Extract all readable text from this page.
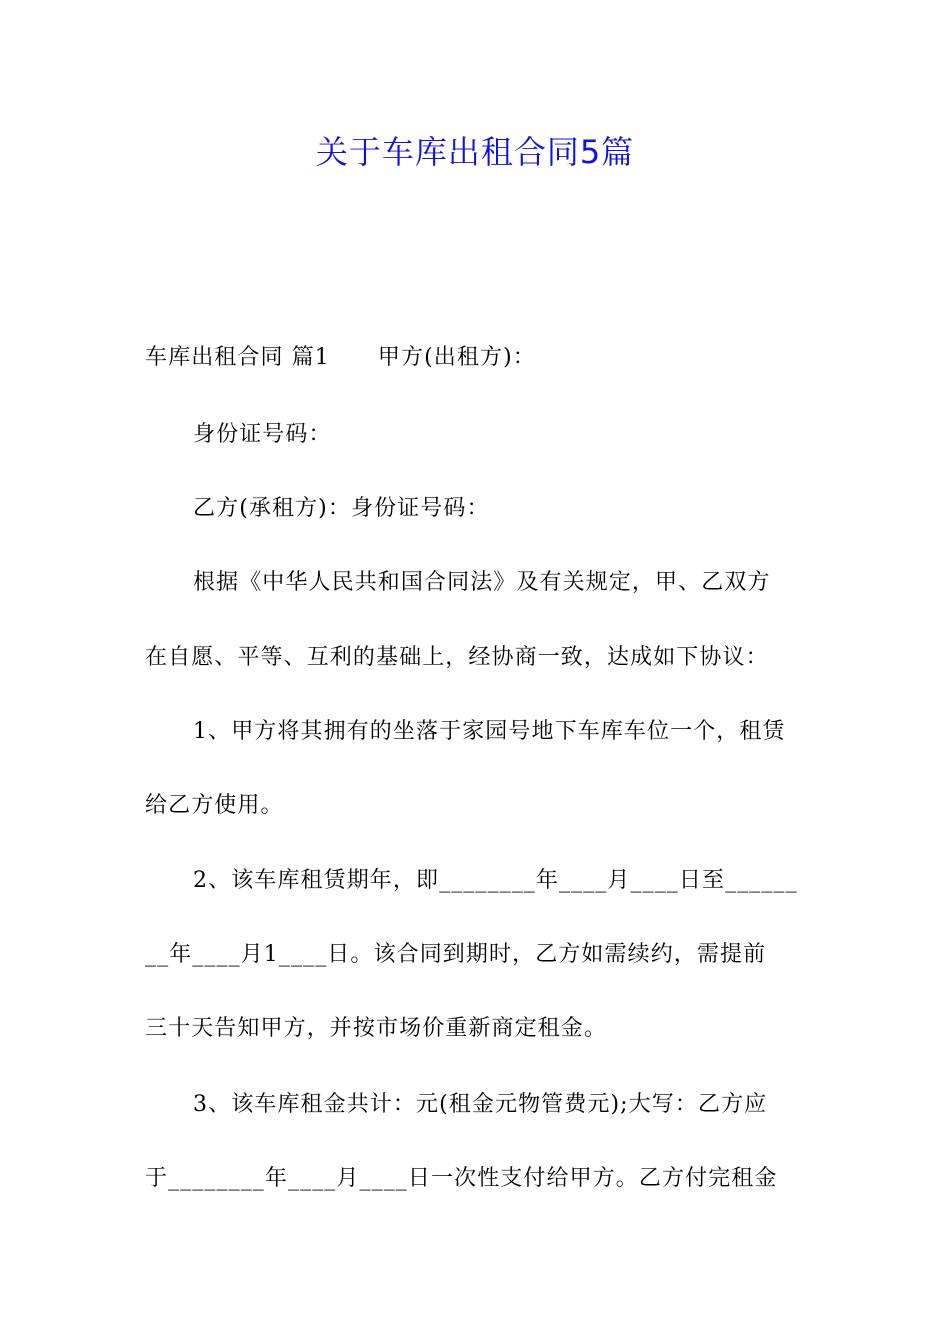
关于车库出租合同5篇
车库出租合同 篇1 甲方(出租方)：
身份证号码：
乙方(承租方)：身份证号码：
根据《中华人民共和国合同法》及有关规定，甲、乙双方
在自愿、平等、互利的基础上，经协商一致，达成如下协议：
1、甲方将其拥有的坐落于家园号地下车库车位一个，租赁
给乙方使用。
2、该车库租赁期年，即________年____月____日至______
__年____月1____日。该合同到期时，乙方如需续约，需提前
三十天告知甲方，并按市场价重新商定租金。
3、该车库租金共计：元(租金元物管费元);大写：乙方应
于________年____月____日一次性支付给甲方。乙方付完租金
